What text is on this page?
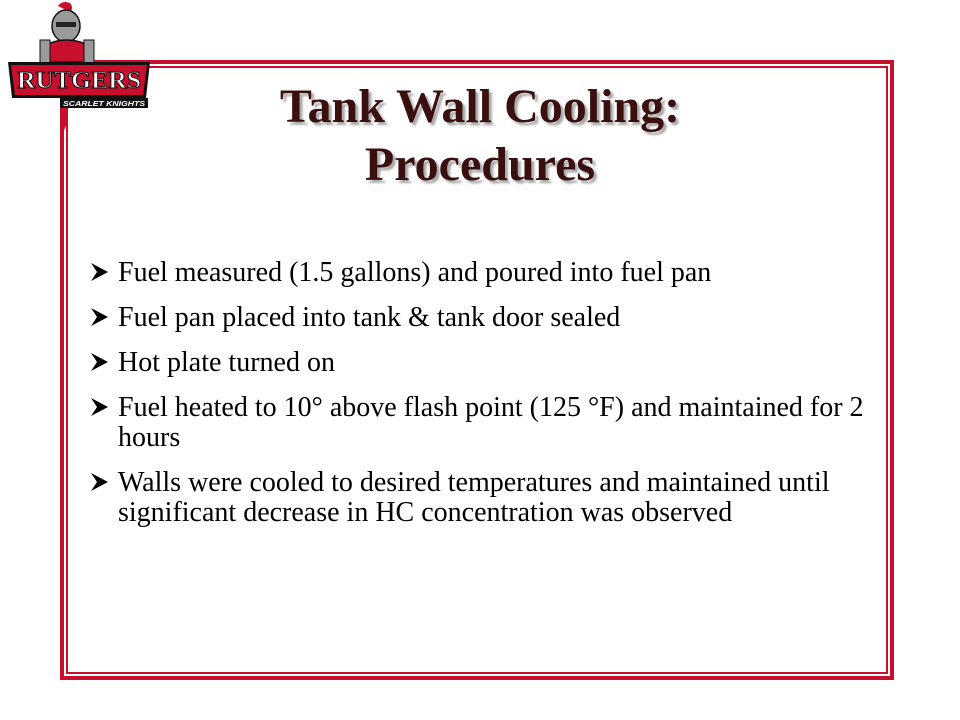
RUTGERS
SCARLET KNIGHTS	Tank Wall Cooling:
Procedures
Fuel measured (1.5 gallons) and poured into fuel pan
Fuel pan placed into tank & tank door sealed
Hot plate turned on
Fuel heated to 10° above flash point (125 °F) and maintained for 2 hours
Walls were cooled to desired temperatures and maintained until significant decrease in HC concentration was observed
